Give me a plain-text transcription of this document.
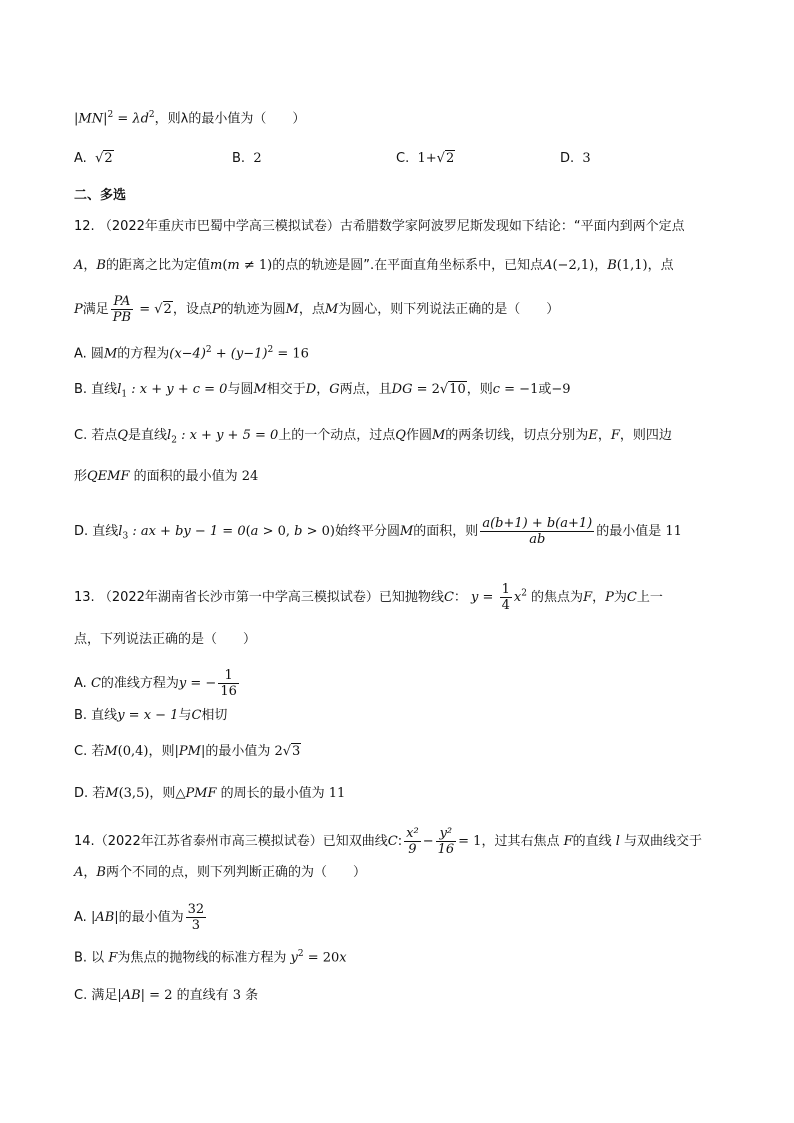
$|MN|^2 = \lambda d^2$，则λ的最小值为（　　）
A.  √2	B.  2	C.  1+√2	D.  3
二、多选
12. （2022年重庆市巴蜀中学高三模拟试卷）古希腊数学家阿波罗尼斯发现如下结论：“平面内到两个定点
A，B的距离之比为定值m(m ≠ 1)的点的轨迹是圆”.在平面直角坐标系中，已知点A(−2,1)，B(1,1)，点
P满足 $\frac{PA}{PB} = √2$，设点P的轨迹为圆M，点M为圆心，则下列说法正确的是（　　）
A. 圆M的方程为$(x-4)^2 + (y-1)^2 = 16$
B. 直线$l_1$ : x + y + c = 0与圆M相交于D，G两点，且DG = 2√10，则c = −1或−9
C. 若点Q是直线$l_2$ : x + y + 5 = 0上的一个动点，过点Q作圆M的两条切线，切点分别为E，F，则四边
形QEMF 的面积的最小值为 24
D. 直线$l_3$ : ax + by − 1 = 0(a > 0, b > 0)始终平分圆M的面积，则 $\frac{a(b+1) + b(a+1)}{ab}$ 的最小值是 11
13. （2022年湖南省长沙市第一中学高三模拟试卷）已知抛物线C： $y = \frac{1}{4} x^2$ 的焦点为F，P为C上一
点，下列说法正确的是（　　）
A. C的准线方程为y = − $\frac{1}{16}$
B. 直线y = x − 1与C相切
C. 若M(0,4)，则|PM|的最小值为 2√3
D. 若M(3,5)，则△PMF 的周长的最小值为 11
14.（2022年江苏省泰州市高三模拟试卷）已知双曲线C: $\frac{\text{x²}}{9} - \frac{\text{y²}}{16} = 1$，过其右焦点 F的直线 l 与双曲线交于
A，B两个不同的点，则下列判断正确的为（　　）
A. |AB|的最小值为 $\frac{32}{3}$
B. 以 F为焦点的抛物线的标准方程为 $y^2 = 20x$
C. 满足|AB| = 2 的直线有 3 条
